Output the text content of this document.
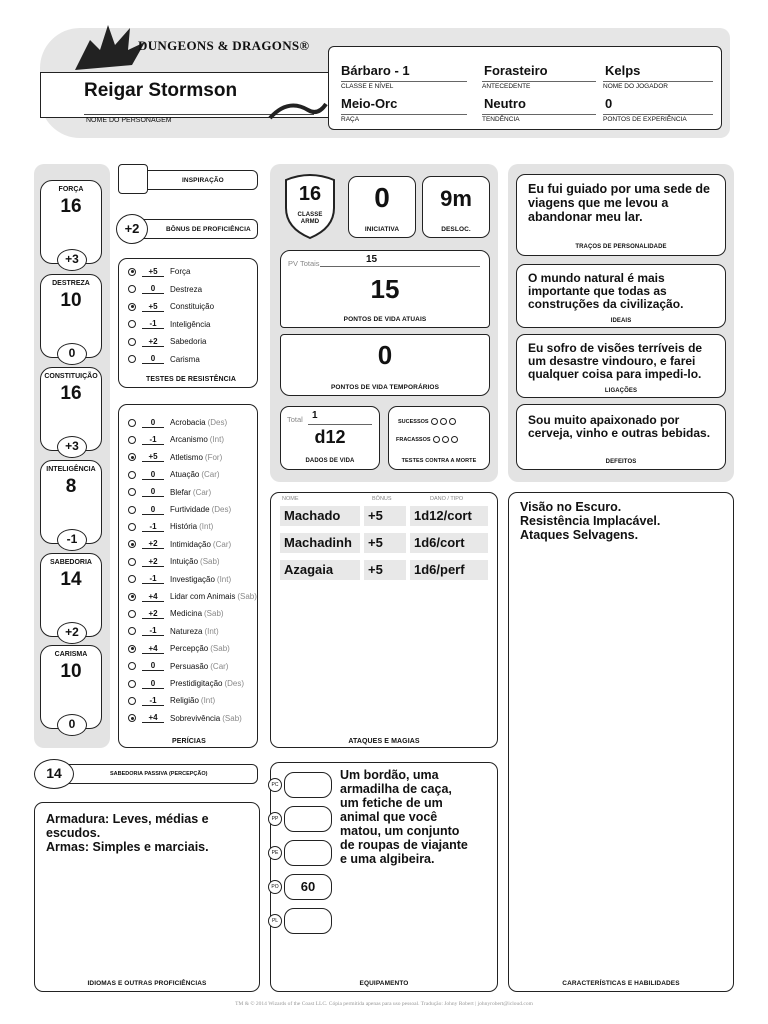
DUNGEONS & DRAGONS®
Reigar Stormson
NOME DO PERSONAGEM
Bárbaro - 1
CLASSE E NÍVEL
Forasteiro
ANTECEDENTE
Kelps
NOME DO JOGADOR
Meio-Orc
RAÇA
Neutro
TENDÊNCIA
0
PONTOS DE EXPERIÊNCIA
FORÇA
16
+3
DESTREZA
10
0
CONSTITUIÇÃO
16
+3
INTELIGÊNCIA
8
-1
SABEDORIA
14
+2
CARISMA
10
0
INSPIRAÇÃO
+2	BÔNUS DE PROFICIÊNCIA
+5	Força
0	Destreza
+5	Constituição
-1	Inteligência
+2	Sabedoria
0	Carisma
TESTES DE RESISTÊNCIA
0	Acrobacia (Des)
-1	Arcanismo (Int)
+5	Atletismo (For)
0	Atuação (Car)
0	Blefar (Car)
0	Furtividade (Des)
-1	História (Int)
+2	Intimidação (Car)
+2	Intuição (Sab)
-1	Investigação (Int)
+4	Lidar com Animais (Sab)
+2	Medicina (Sab)
-1	Natureza (Int)
+4	Percepção (Sab)
0	Persuasão (Car)
0	Prestidigitação (Des)
-1	Religião (Int)
+4	Sobrevivência (Sab)
PERÍCIAS
16
CLASSE ARMD
0
INICIATIVA
9m
DESLOC.
PV Totais	15
15
PONTOS DE VIDA ATUAIS
0
PONTOS DE VIDA TEMPORÁRIOS
Total 1
d12
DADOS DE VIDA
SUCESSOS
FRACASSOS
TESTES CONTRA A MORTE
Eu fui guiado por uma sede de viagens que me levou a abandonar meu lar.
TRAÇOS DE PERSONALIDADE
O mundo natural é mais importante que todas as construções da civilização.
IDEAIS
Eu sofro de visões terríveis de um desastre vindouro, e farei qualquer coisa para impedi-lo.
LIGAÇÕES
Sou muito apaixonado por cerveja, vinho e outras bebidas.
DEFEITOS
NOME	BÔNUS	DANO / TIPO
Machado	+5	1d12/cort
Machadinh	+5	1d6/cort
Azagaia	+5	1d6/perf
ATAQUES E MAGIAS
Visão no Escuro.
Resistência Implacável.
Ataques Selvagens.
CARACTERÍSTICAS E HABILIDADES
14	SABEDORIA PASSIVA (PERCEPÇÃO)
Armadura: Leves, médias e
escudos.
Armas: Simples e marciais.
IDIOMAS E OUTRAS PROFICIÊNCIAS
PC
PP
PE
60
PO
PL
Um bordão, uma
armadilha de caça,
um fetiche de um
animal que você
matou, um conjunto
de roupas de viajante
e uma algibeira.
EQUIPAMENTO
TM & © 2014 Wizards of the Coast LLC. Cópia permitida apenas para uso pessoal. Tradução: Johny Robert | johnyrobert@icloud.com
